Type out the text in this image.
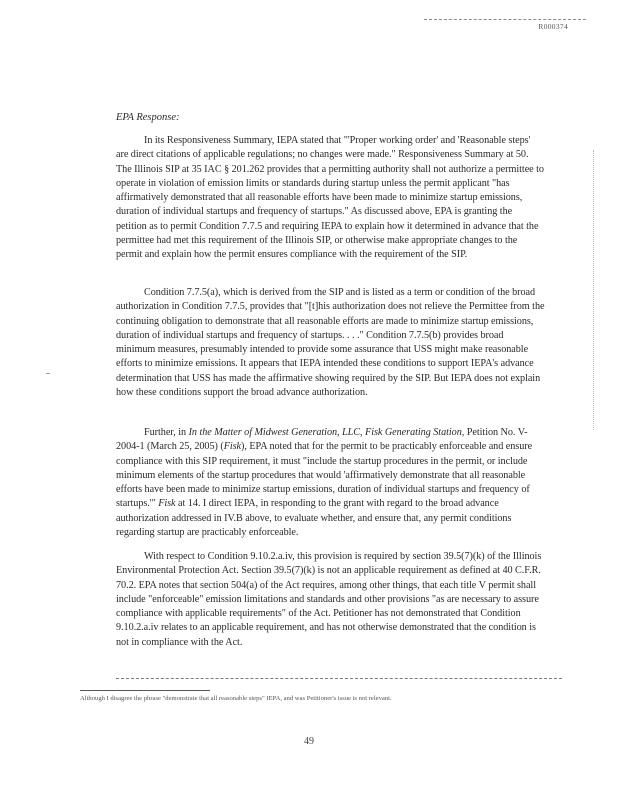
R000374
EPA Response:

In its Responsiveness Summary, IEPA stated that "'Proper working order' and 'Reasonable steps' are direct citations of applicable regulations; no changes were made." Responsiveness Summary at 50. The Illinois SIP at 35 IAC § 201.262 provides that a permitting authority shall not authorize a permittee to operate in violation of emission limits or standards during startup unless the permit applicant "has affirmatively demonstrated that all reasonable efforts have been made to minimize startup emissions, duration of individual startups and frequency of startups." As discussed above, EPA is granting the petition as to permit Condition 7.7.5 and requiring IEPA to explain how it determined in advance that the permittee had met this requirement of the Illinois SIP, or otherwise make appropriate changes to the permit and explain how the permit ensures compliance with the requirement of the SIP.

Condition 7.7.5(a), which is derived from the SIP and is listed as a term or condition of the broad authorization in Condition 7.7.5, provides that "[t]his authorization does not relieve the Permittee from the continuing obligation to demonstrate that all reasonable efforts are made to minimize startup emissions, duration of individual startups and frequency of startups. . . ." Condition 7.7.5(b) provides broad minimum measures, presumably intended to provide some assurance that USS might make reasonable efforts to minimize emissions. It appears that IEPA intended these conditions to support IEPA's advance determination that USS has made the affirmative showing required by the SIP. But IEPA does not explain how these conditions support the broad advance authorization.

Further, in In the Matter of Midwest Generation, LLC, Fisk Generating Station, Petition No. V-2004-1 (March 25, 2005) (Fisk), EPA noted that for the permit to be practicably enforceable and ensure compliance with this SIP requirement, it must "include the startup procedures in the permit, or include minimum elements of the startup procedures that would 'affirmatively demonstrate that all reasonable efforts have been made to minimize startup emissions, duration of individual startups and frequency of startups.'" Fisk at 14. I direct IEPA, in responding to the grant with regard to the broad advance authorization addressed in IV.B above, to evaluate whether, and ensure that, any permit conditions regarding startup are practicably enforceable.

With respect to Condition 9.10.2.a.iv, this provision is required by section 39.5(7)(k) of the Illinois Environmental Protection Act. Section 39.5(7)(k) is not an applicable requirement as defined at 40 C.F.R. 70.2. EPA notes that section 504(a) of the Act requires, among other things, that each title V permit shall include "enforceable" emission limitations and standards and other provisions "as are necessary to assure compliance with applicable requirements" of the Act. Petitioner has not demonstrated that Condition 9.10.2.a.iv relates to an applicable requirement, and has not otherwise demonstrated that the condition is not in compliance with the Act.

Although I disagree the phrase "demonstrate that all reasonable steps" IEPA, and was Petitioner's issue is not relevant.

49
